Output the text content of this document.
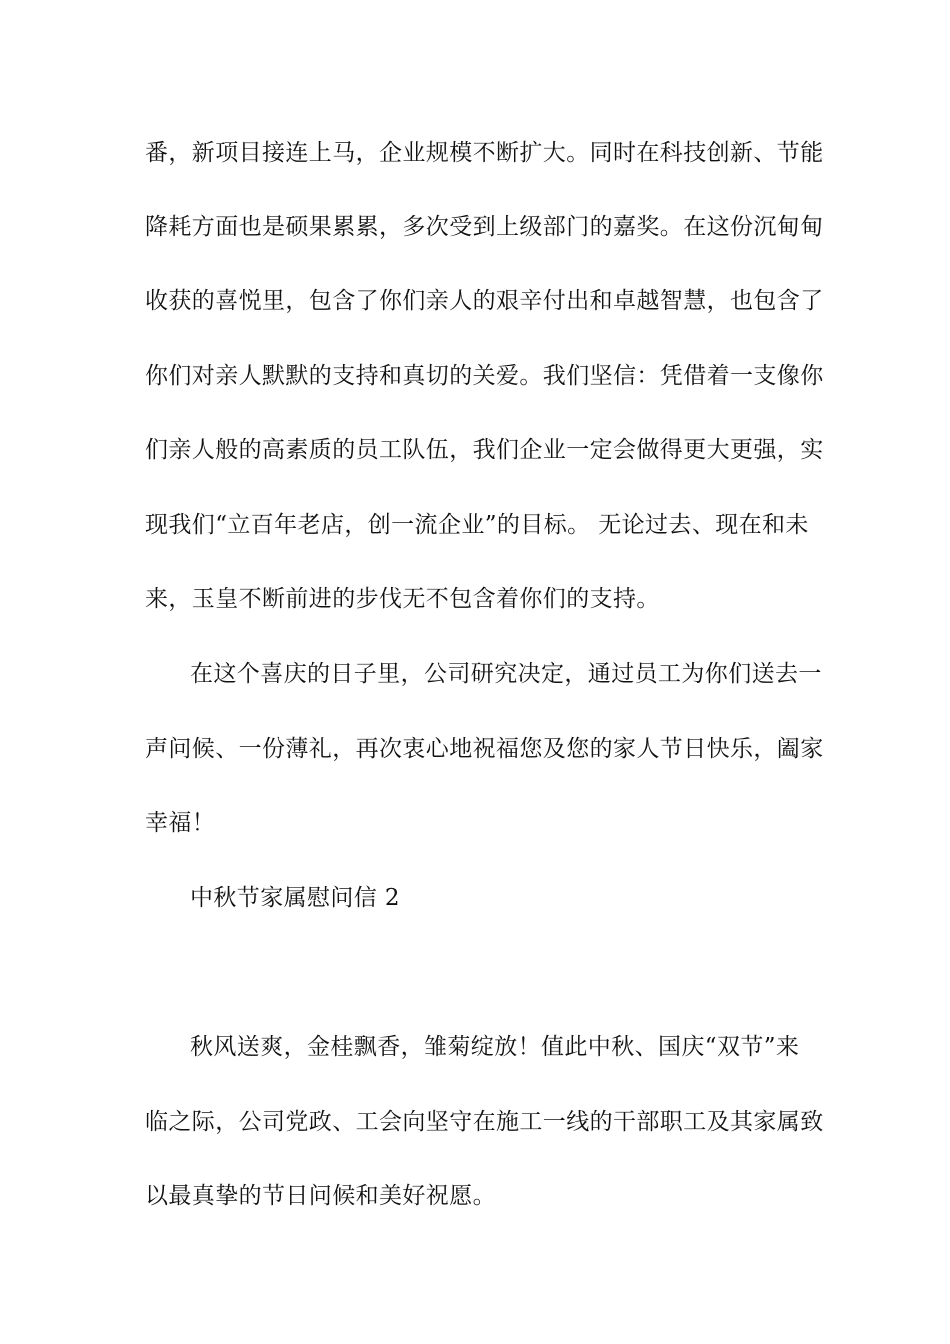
番，新项目接连上马，企业规模不断扩大。同时在科技创新、节能
降耗方面也是硕果累累，多次受到上级部门的嘉奖。在这份沉甸甸
收获的喜悦里，包含了你们亲人的艰辛付出和卓越智慧，也包含了
你们对亲人默默的支持和真切的关爱。我们坚信：凭借着一支像你
们亲人般的高素质的员工队伍，我们企业一定会做得更大更强，实
现我们“立百年老店，创一流企业”的目标。 无论过去、现在和未
来，玉皇不断前进的步伐无不包含着你们的支持。
在这个喜庆的日子里，公司研究决定，通过员工为你们送去一
声问候、一份薄礼，再次衷心地祝福您及您的家人节日快乐，阖家
幸福！
中秋节家属慰问信 2
秋风送爽，金桂飘香，雏菊绽放！值此中秋、国庆“双节”来
临之际，公司党政、工会向坚守在施工一线的干部职工及其家属致
以最真挚的节日问候和美好祝愿。
